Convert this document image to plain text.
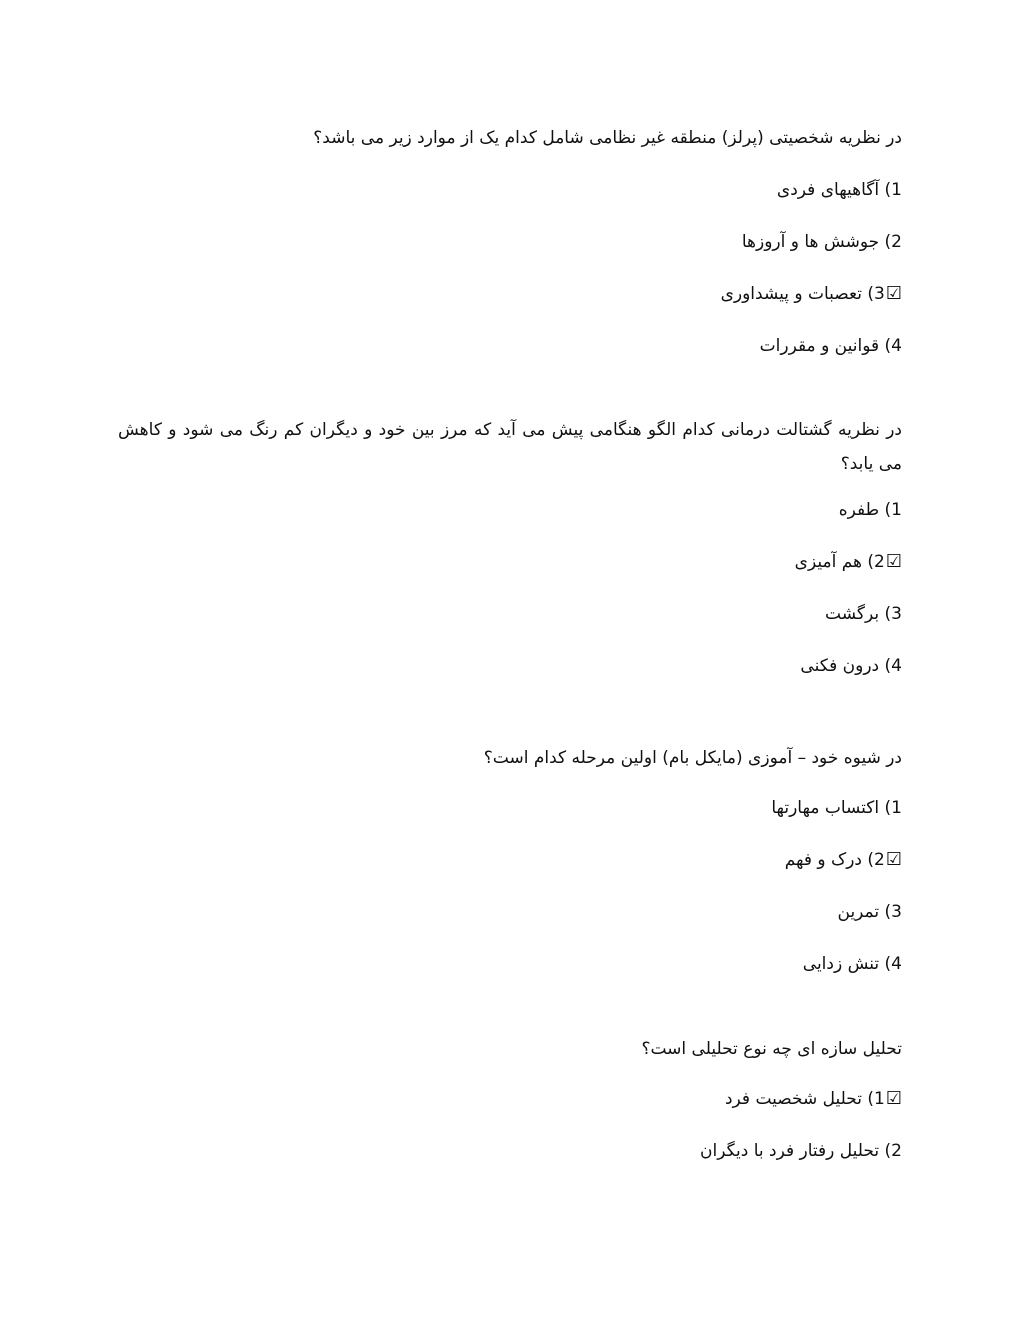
در نظریه شخصیتی (پرلز) منطقه غیر نظامی شامل کدام یک از موارد زیر می باشد؟

1) آگاهیهای فردی
2) جوشش ها و آروزها
☑3) تعصبات و پیشداوری
4) قوانین و مقررات

در نظریه گشتالت درمانی کدام الگو هنگامی پیش می آید که مرز بین خود و دیگران کم رنگ می شود و کاهش می یابد؟

1) طفره
☑2) هم آمیزی
3) برگشت
4) درون فکنی

در شیوه خود – آموزی (مایکل بام) اولین مرحله کدام است؟

1) اکتساب مهارتها
☑2) درک و فهم
3) تمرین
4) تنش زدایی

تحلیل سازه ای چه نوع تحلیلی است؟

☑1) تحلیل شخصیت فرد
2) تحلیل رفتار فرد با دیگران
